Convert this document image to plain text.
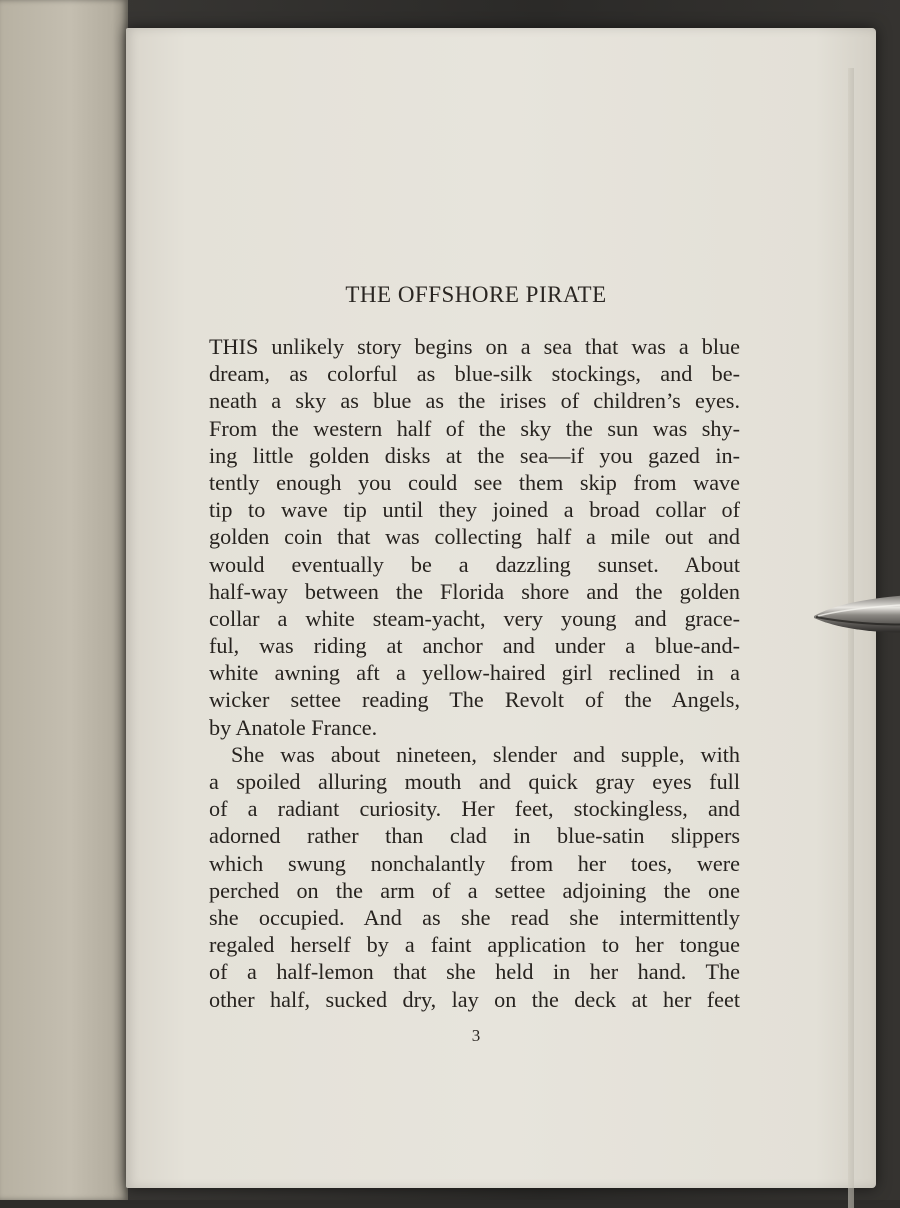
THE OFFSHORE PIRATE
THIS unlikely story begins on a sea that was a blue
dream, as colorful as blue-silk stockings, and be-
neath a sky as blue as the irises of children’s eyes.
From the western half of the sky the sun was shy-
ing little golden disks at the sea—if you gazed in-
tently enough you could see them skip from wave
tip to wave tip until they joined a broad collar of
golden coin that was collecting half a mile out and
would eventually be a dazzling sunset. About
half-way between the Florida shore and the golden
collar a white steam-yacht, very young and grace-
ful, was riding at anchor and under a blue-and-
white awning aft a yellow-haired girl reclined in a
wicker settee reading The Revolt of the Angels,
by Anatole France.
She was about nineteen, slender and supple, with
a spoiled alluring mouth and quick gray eyes full
of a radiant curiosity. Her feet, stockingless, and
adorned rather than clad in blue-satin slippers
which swung nonchalantly from her toes, were
perched on the arm of a settee adjoining the one
she occupied. And as she read she intermittently
regaled herself by a faint application to her tongue
of a half-lemon that she held in her hand. The
other half, sucked dry, lay on the deck at her feet
3
